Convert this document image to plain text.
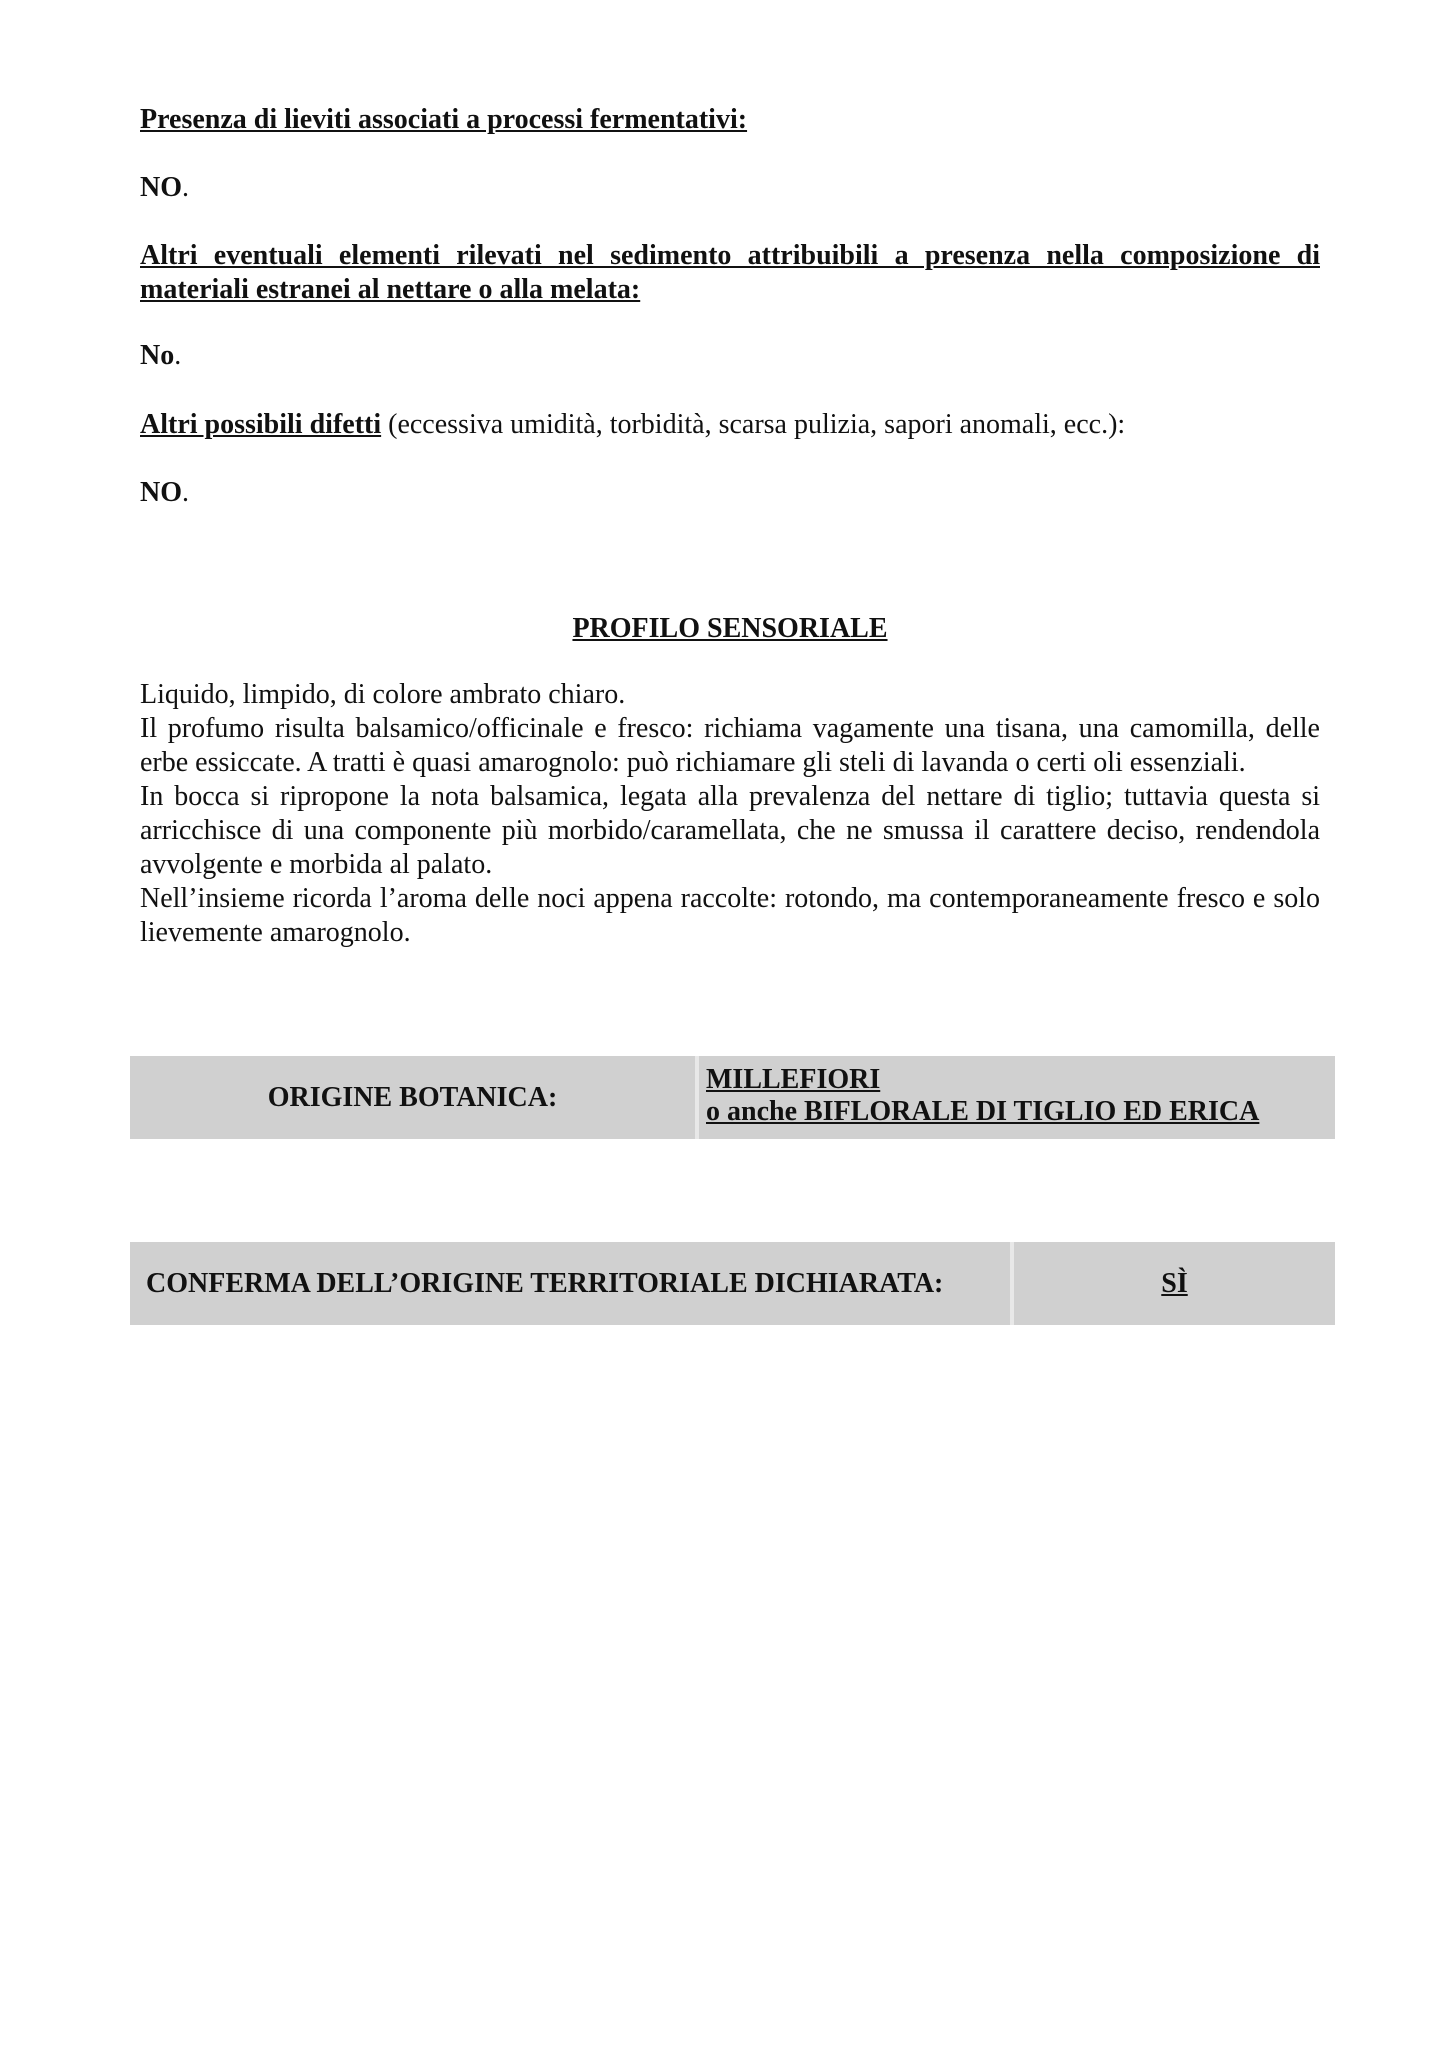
Presenza di lieviti associati a processi fermentativi:
NO.
Altri eventuali elementi rilevati nel sedimento attribuibili a presenza nella composizione di materiali estranei al nettare o alla melata:
No.
Altri possibili difetti (eccessiva umidità, torbidità, scarsa pulizia, sapori anomali, ecc.):
NO.
PROFILO SENSORIALE

Liquido, limpido, di colore ambrato chiaro.

Il profumo risulta balsamico/officinale e fresco: richiama vagamente una tisana, una camomilla, delle erbe essiccate. A tratti è quasi amarognolo: può richiamare gli steli di lavanda o certi oli essenziali.

In bocca si ripropone la nota balsamica, legata alla prevalenza del nettare di tiglio; tuttavia questa si arricchisce di una componente più morbido/caramellata, che ne smussa il carattere deciso, rendendola avvolgente e morbida al palato.

Nell’insieme ricorda l’aroma delle noci appena raccolte: rotondo, ma contemporaneamente fresco e solo lievemente amarognolo.

ORIGINE BOTANICA:
MILLEFIORI
o anche BIFLORALE DI TIGLIO ED ERICA
CONFERMA DELL’ORIGINE TERRITORIALE DICHIARATA:	SÌ
